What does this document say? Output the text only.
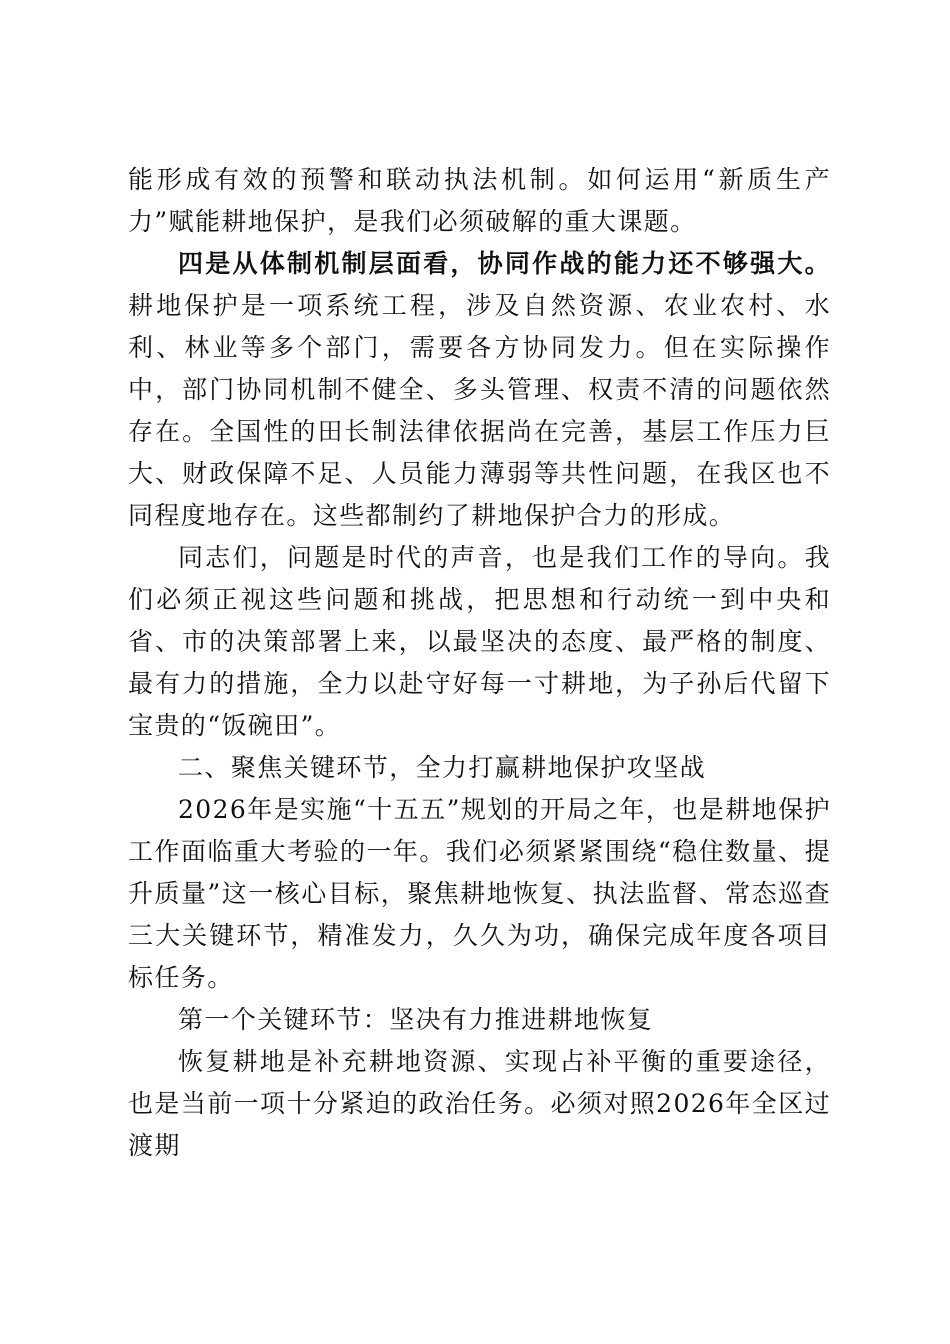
能形成有效的预警和联动执法机制。如何运用“新质生产力”赋能耕地保护，是我们必须破解的重大课题。

四是从体制机制层面看，协同作战的能力还不够强大。耕地保护是一项系统工程，涉及自然资源、农业农村、水利、林业等多个部门，需要各方协同发力。但在实际操作中，部门协同机制不健全、多头管理、权责不清的问题依然存在。全国性的田长制法律依据尚在完善，基层工作压力巨大、财政保障不足、人员能力薄弱等共性问题，在我区也不同程度地存在。这些都制约了耕地保护合力的形成。

同志们，问题是时代的声音，也是我们工作的导向。我们必须正视这些问题和挑战，把思想和行动统一到中央和省、市的决策部署上来，以最坚决的态度、最严格的制度、最有力的措施，全力以赴守好每一寸耕地，为子孙后代留下宝贵的“饭碗田”。

二、聚焦关键环节，全力打赢耕地保护攻坚战

2026年是实施“十五五”规划的开局之年，也是耕地保护工作面临重大考验的一年。我们必须紧紧围绕“稳住数量、提升质量”这一核心目标，聚焦耕地恢复、执法监督、常态巡查三大关键环节，精准发力，久久为功，确保完成年度各项目标任务。

第一个关键环节：坚决有力推进耕地恢复

恢复耕地是补充耕地资源、实现占补平衡的重要途径，也是当前一项十分紧迫的政治任务。必须对照2026年全区过渡期
